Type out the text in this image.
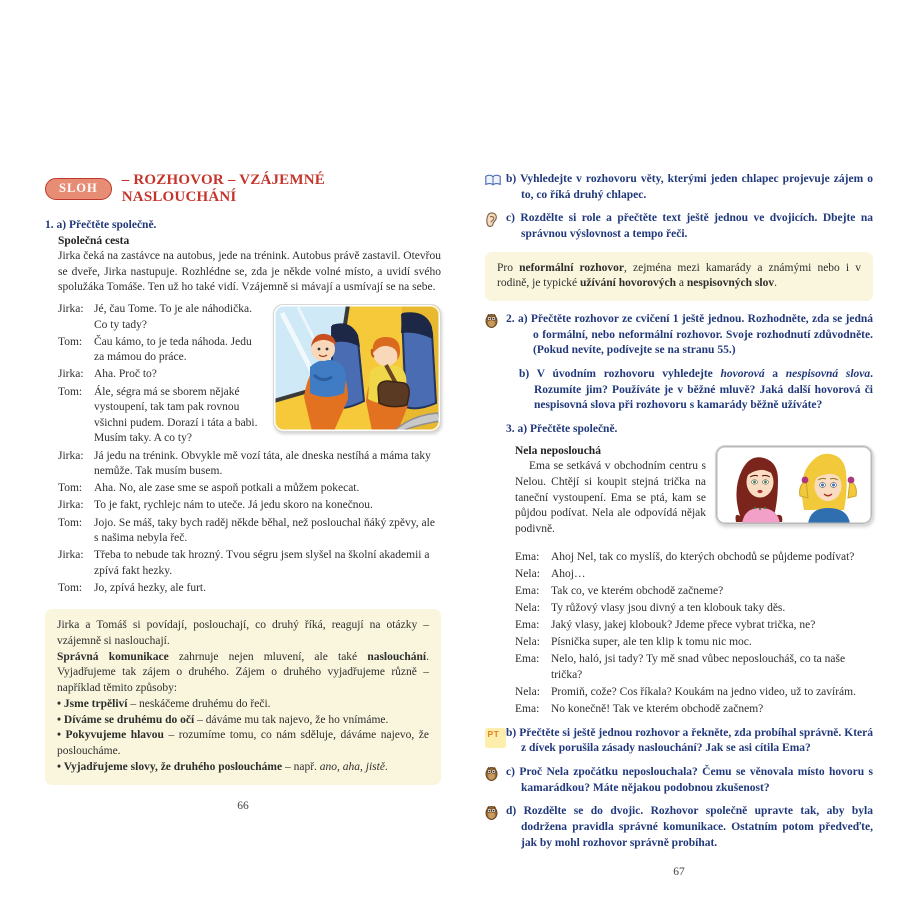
SLOH	– ROZHOVOR – VZÁJEMNÉ NASLOUCHÁNÍ

1. a) Přečtěte společně.

Společná cesta

Jirka čeká na zastávce na autobus, jede na trénink. Autobus právě zastavil. Otevřou se dveře, Jirka nastupuje. Rozhlédne se, zda je někde volné místo, a uvidí svého spolužáka Tomáše. Ten už ho také vidí. Vzájemně si mávají a usmívají se na sebe.

Jirka: Jé, čau Tome. To je ale náhodička. Co ty tady?

Tom: Čau kámo, to je teda náhoda. Jedu za mámou do práce.

Jirka: Aha. Proč to?

Tom: Ále, ségra má se sborem nějaké vystoupení, tak tam pak rovnou všichni pudem. Dorazí i táta a babi. Musím taky. A co ty?

Jirka: Já jedu na trénink. Obvykle mě vozí táta, ale dneska nestíhá a máma taky nemůže. Tak musím busem.

Tom: Aha. No, ale zase sme se aspoň potkali a můžem pokecat.

Jirka: To je fakt, rychlejc nám to uteče. Já jedu skoro na konečnou.

Tom: Jojo. Se máš, taky bych raděj někde běhal, než poslouchal ňáký zpěvy, ale s našima nebyla řeč.

Jirka: Třeba to nebude tak hrozný. Tvou ségru jsem slyšel na školní akademii a zpívá fakt hezky.

Tom: Jo, zpívá hezky, ale furt.

Jirka a Tomáš si povídají, poslouchají, co druhý říká, reagují na otázky – vzájemně si naslouchají.

Správná komunikace zahrnuje nejen mluvení, ale také naslouchání. Vyjadřujeme tak zájem o druhého. Zájem o druhého vyjadřujeme různě – například těmito způsoby:

• Jsme trpěliví – neskáčeme druhému do řeči.
• Díváme se druhému do očí – dáváme mu tak najevo, že ho vnímáme.
• Pokyvujeme hlavou – rozumíme tomu, co nám sděluje, dáváme najevo, že posloucháme.
• Vyjadřujeme slovy, že druhého posloucháme – např. ano, aha, jistě.
66

b) Vyhledejte v rozhovoru věty, kterými jeden chlapec projevuje zájem o to, co říká druhý chlapec.

c) Rozdělte si role a přečtěte text ještě jednou ve dvojicích. Dbejte na správnou výslovnost a tempo řeči.

Pro neformální rozhovor, zejména mezi kamarády a známými nebo i v rodině, je typické užívání hovorových a nespisovných slov.

2. a) Přečtěte rozhovor ze cvičení 1 ještě jednou. Rozhodněte, zda se jedná o formální, nebo neformální rozhovor. Svoje rozhodnutí zdůvodněte. (Pokud nevíte, podívejte se na stranu 55.)

b) V úvodním rozhovoru vyhledejte hovorová a nespisovná slova. Rozumíte jim? Používáte je v běžné mluvě? Jaká další hovorová či nespisovná slova při rozhovoru s kamarády běžně užíváte?

3. a) Přečtěte společně.

Nela neposlouchá

Ema se setkává v obchodním centru s Nelou. Chtějí si koupit stejná trička na taneční vystoupení. Ema se ptá, kam se půjdou podívat. Nela ale odpovídá nějak podivně.

Ema: Ahoj Nel, tak co myslíš, do kterých obchodů se půjdeme podívat?

Nela: Ahoj…

Ema: Tak co, ve kterém obchodě začneme?

Nela: Ty růžový vlasy jsou divný a ten klobouk taky děs.

Ema: Jaký vlasy, jakej klobouk? Jdeme přece vybrat trička, ne?

Nela: Písnička super, ale ten klip k tomu nic moc.

Ema: Nelo, haló, jsi tady? Ty mě snad vůbec neposloucháš, co ta naše trička?

Nela: Promiň, cože? Cos říkala? Koukám na jedno video, už to zavírám.

Ema: No konečně! Tak ve kterém obchodě začnem?

PT b) Přečtěte si ještě jednou rozhovor a řekněte, zda probíhal správně. Která z dívek porušila zásady naslouchání? Jak se asi cítila Ema?

c) Proč Nela zpočátku neposlouchala? Čemu se věnovala místo hovoru s kamarádkou? Máte nějakou podobnou zkušenost?

d) Rozdělte se do dvojic. Rozhovor společně upravte tak, aby byla dodržena pravidla správné komunikace. Ostatním potom předveďte, jak by mohl rozhovor správně probíhat.

67
